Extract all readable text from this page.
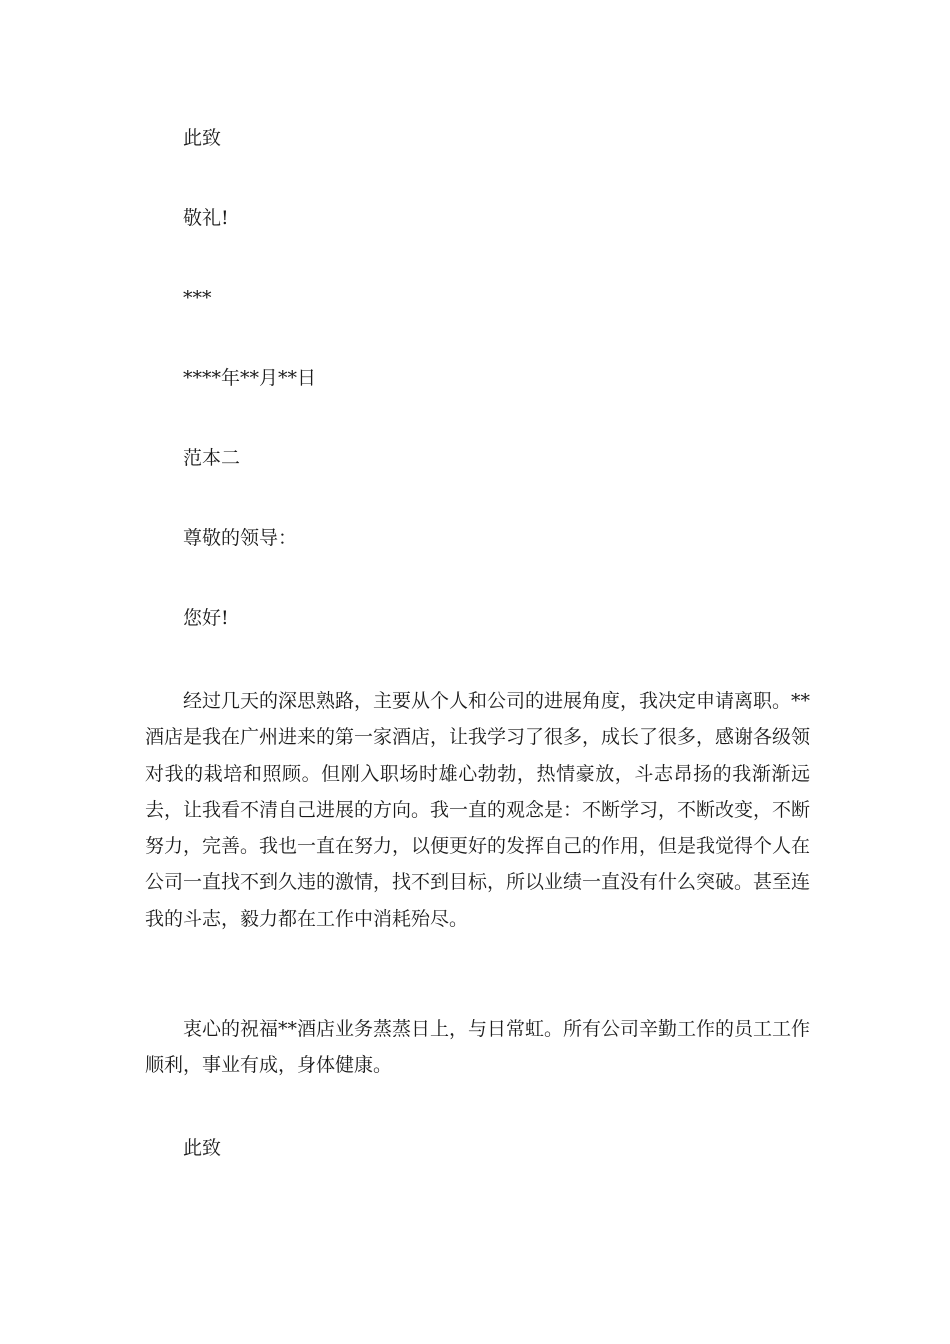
此致
敬礼!
***
****年**月**日
范本二
尊敬的领导：
您好!
经过几天的深思熟路，主要从个人和公司的进展角度，我决定申请离职。**酒店是我在广州进来的第一家酒店，让我学习了很多，成长了很多，感谢各级领对我的栽培和照顾。但刚入职场时雄心勃勃，热情豪放，斗志昂扬的我渐渐远去，让我看不清自己进展的方向。我一直的观念是：不断学习，不断改变，不断努力，完善。我也一直在努力，以便更好的发挥自己的作用，但是我觉得个人在公司一直找不到久违的激情，找不到目标，所以业绩一直没有什么突破。甚至连我的斗志，毅力都在工作中消耗殆尽。
衷心的祝福**酒店业务蒸蒸日上，与日常虹。所有公司辛勤工作的员工工作顺利，事业有成，身体健康。
此致
